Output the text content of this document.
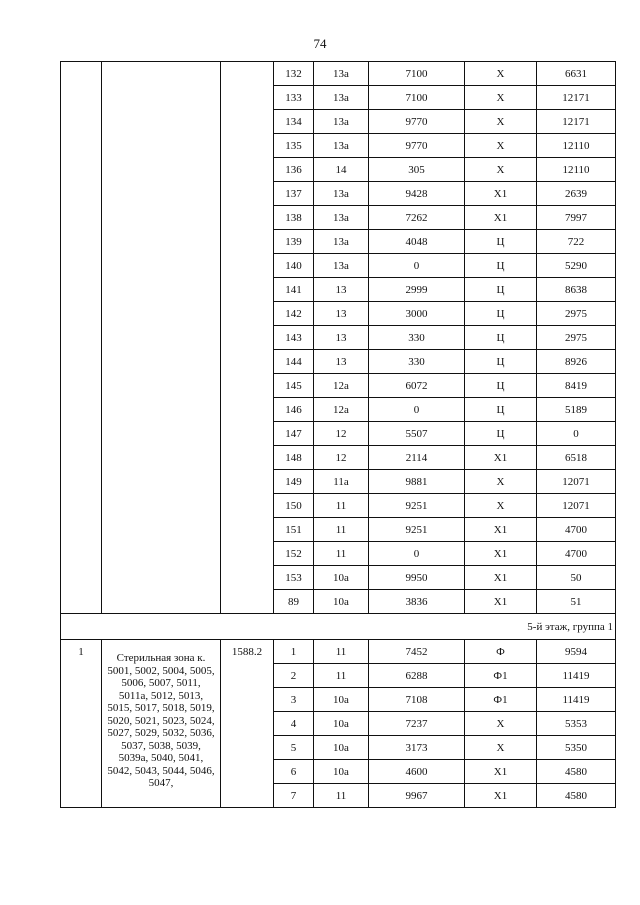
74
			132	13а	7100	Х	6631
			133	13а	7100	Х	12171
			134	13а	9770	Х	12171
			135	13а	9770	Х	12110
			136	14	305	Х	12110
			137	13а	9428	Х1	2639
			138	13а	7262	Х1	7997
			139	13а	4048	Ц	722
			140	13а	0	Ц	5290
			141	13	2999	Ц	8638
			142	13	3000	Ц	2975
			143	13	330	Ц	2975
			144	13	330	Ц	8926
			145	12а	6072	Ц	8419
			146	12а	0	Ц	5189
			147	12	5507	Ц	0
			148	12	2114	Х1	6518
			149	11а	9881	Х	12071
			150	11	9251	Х	12071
			151	11	9251	Х1	4700
			152	11	0	Х1	4700
			153	10а	9950	Х1	50
			89	10а	3836	Х1	51
5-й этаж, группа 1							
1	Стерильная зона к. 5001, 5002, 5004, 5005, 5006, 5007, 5011, 5011а, 5012, 5013, 5015, 5017, 5018, 5019, 5020, 5021, 5023, 5024, 5027, 5029, 5032, 5036, 5037, 5038, 5039, 5039а, 5040, 5041, 5042, 5043, 5044, 5046, 5047,	1588.2	1	11	7452	Ф	9594
			2	11	6288	Ф1	11419
			3	10а	7108	Ф1	11419
			4	10а	7237	Х	5353
			5	10а	3173	Х	5350
			6	10а	4600	Х1	4580
			7	11	9967	Х1	4580
